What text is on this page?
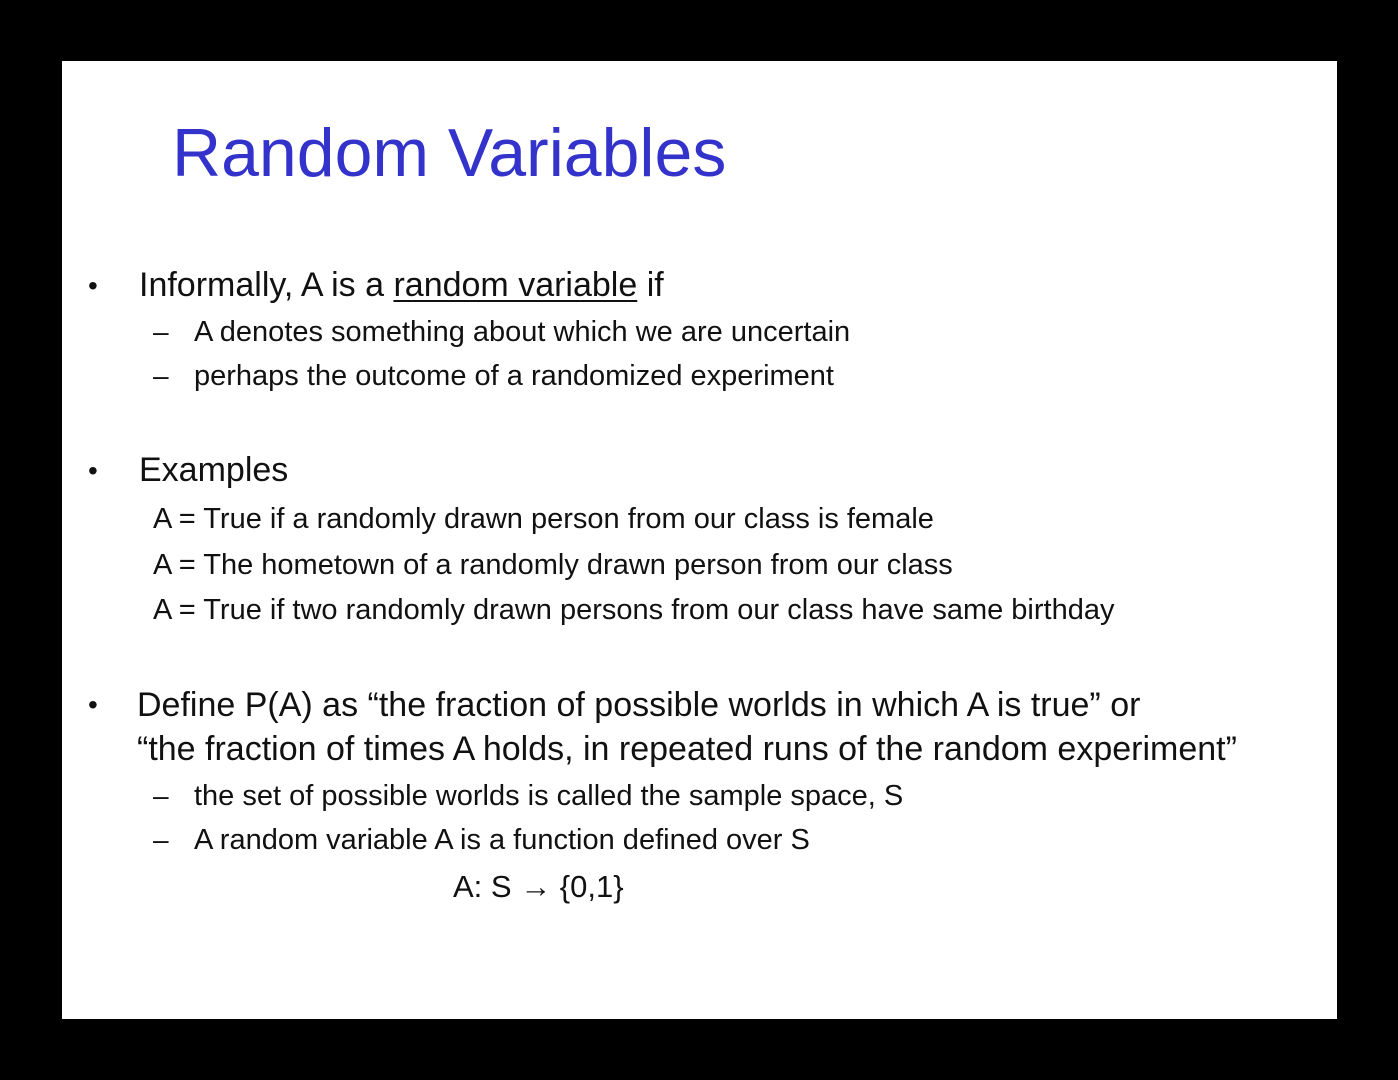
Random Variables
• Informally, A is a random variable if
– A denotes something about which we are uncertain
– perhaps the outcome of a randomized experiment
• Examples
A = True if a randomly drawn person from our class is female
A = The hometown of a randomly drawn person from our class
A = True if two randomly drawn persons from our class have same birthday
• Define P(A) as “the fraction of possible worlds in which A is true” or
“the fraction of times A holds, in repeated runs of the random experiment”
– the set of possible worlds is called the sample space, S
– A random variable A is a function defined over S
A: S → {0,1}
